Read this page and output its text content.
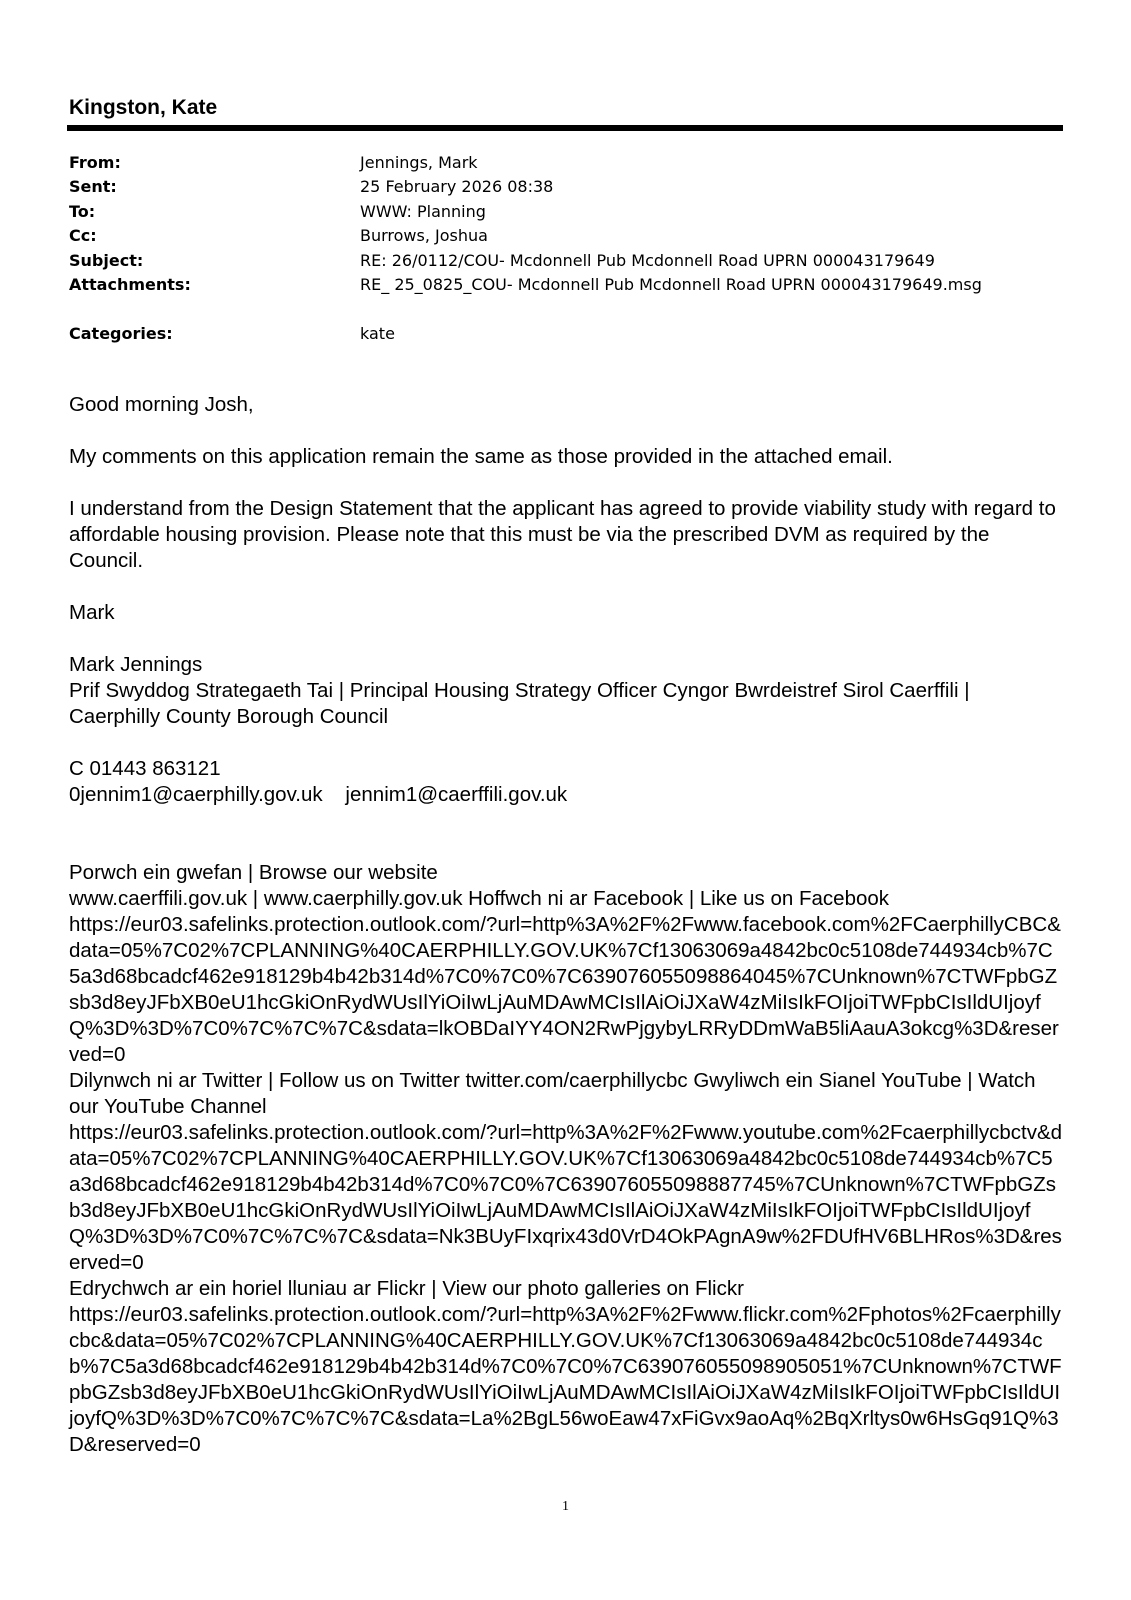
Kingston, Kate
From:	Jennings, Mark
Sent:	25 February 2026 08:38
To:	WWW: Planning
Cc:	Burrows, Joshua
Subject:	RE: 26/0112/COU- Mcdonnell Pub Mcdonnell Road UPRN 000043179649
Attachments:	RE_ 25_0825_COU- Mcdonnell Pub Mcdonnell Road UPRN 000043179649.msg
Categories:	kate

Good morning Josh,

My comments on this application remain the same as those provided in the attached email.

I understand from the Design Statement that the applicant has agreed to provide viability study with regard to affordable housing provision. Please note that this must be via the prescribed DVM as required by the Council.

Mark

Mark Jennings

Prif Swyddog Strategaeth Tai | Principal Housing Strategy Officer Cyngor Bwrdeistref Sirol Caerffili | Caerphilly County Borough Council

C 01443 863121

0jennim1@caerphilly.gov.uk    jennim1@caerffili.gov.uk

Porwch ein gwefan | Browse our website

www.caerffili.gov.uk | www.caerphilly.gov.uk Hoffwch ni ar Facebook | Like us on Facebook

https://eur03.safelinks.protection.outlook.com/?url=http%3A%2F%2Fwww.facebook.com%2FCaerphillyCBC&data=05%7C02%7CPLANNING%40CAERPHILLY.GOV.UK%7Cf13063069a4842bc0c5108de744934cb%7C5a3d68bcadcf462e918129b4b42b314d%7C0%7C0%7C639076055098864045%7CUnknown%7CTWFpbGZsb3d8eyJFbXB0eU1hcGkiOnRydWUsIlYiOiIwLjAuMDAwMCIsIlAiOiJXaW4zMiIsIkFOIjoiTWFpbCIsIldUIjoyfQ%3D%3D%7C0%7C%7C%7C&sdata=lkOBDaIYY4ON2RwPjgybyLRRyDDmWaB5liAauA3okcg%3D&reserved=0

Dilynwch ni ar Twitter | Follow us on Twitter twitter.com/caerphillycbc Gwyliwch ein Sianel YouTube | Watch our YouTube Channel

https://eur03.safelinks.protection.outlook.com/?url=http%3A%2F%2Fwww.youtube.com%2Fcaerphillycbctv&data=05%7C02%7CPLANNING%40CAERPHILLY.GOV.UK%7Cf13063069a4842bc0c5108de744934cb%7C5a3d68bcadcf462e918129b4b42b314d%7C0%7C0%7C639076055098887745%7CUnknown%7CTWFpbGZsb3d8eyJFbXB0eU1hcGkiOnRydWUsIlYiOiIwLjAuMDAwMCIsIlAiOiJXaW4zMiIsIkFOIjoiTWFpbCIsIldUIjoyfQ%3D%3D%7C0%7C%7C%7C&sdata=Nk3BUyFIxqrix43d0VrD4OkPAgnA9w%2FDUfHV6BLHRos%3D&reserved=0

Edrychwch ar ein horiel lluniau ar Flickr | View our photo galleries on Flickr

https://eur03.safelinks.protection.outlook.com/?url=http%3A%2F%2Fwww.flickr.com%2Fphotos%2Fcaerphillycbc&data=05%7C02%7CPLANNING%40CAERPHILLY.GOV.UK%7Cf13063069a4842bc0c5108de744934cb%7C5a3d68bcadcf462e918129b4b42b314d%7C0%7C0%7C639076055098905051%7CUnknown%7CTWFpbGZsb3d8eyJFbXB0eU1hcGkiOnRydWUsIlYiOiIwLjAuMDAwMCIsIlAiOiJXaW4zMiIsIkFOIjoiTWFpbCIsIldUIjoyfQ%3D%3D%7C0%7C%7C%7C&sdata=La%2BgL56woEaw47xFiGvx9aoAq%2BqXrltys0w6HsGq91Q%3D&reserved=0

1
